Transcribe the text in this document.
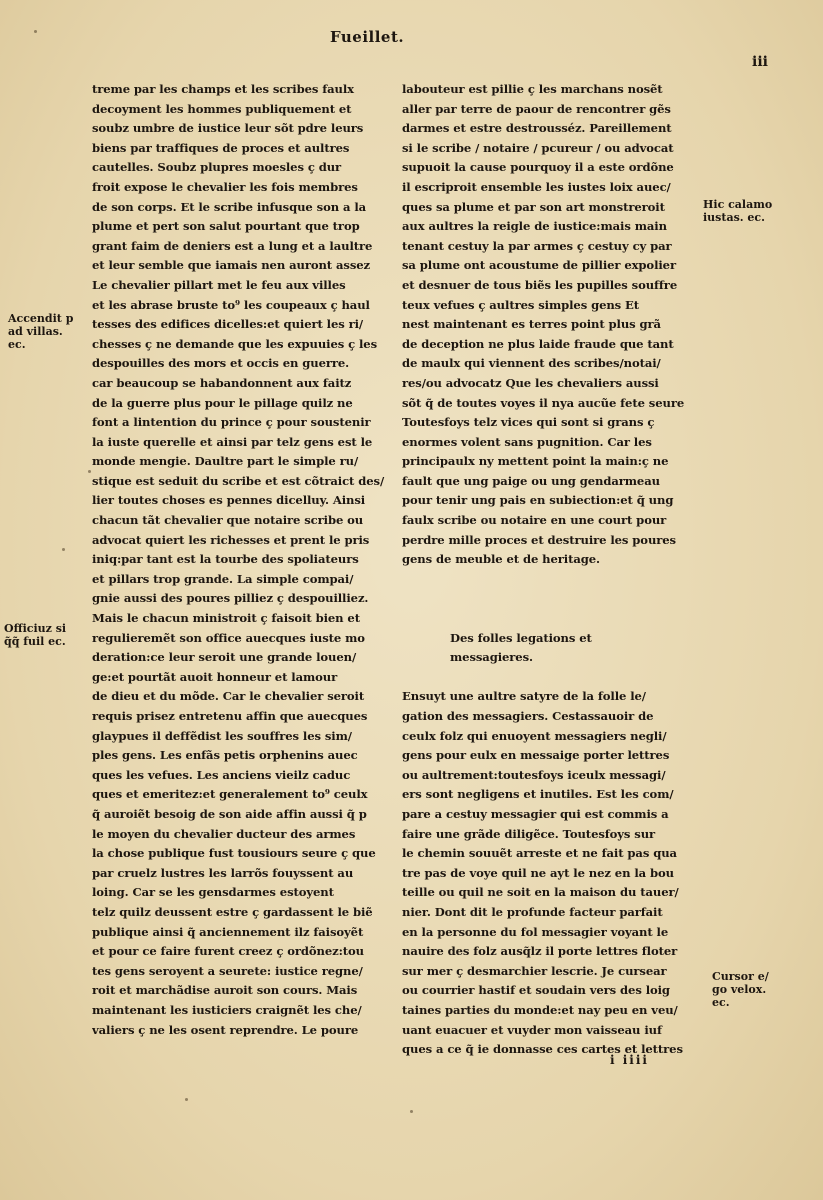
Fueillet.
iii
treme par les champs et les scribes faulx
decoyment les hommes publiquement et
soubz umbre de iustice leur sõt pdre leurs
biens par traffiques de proces et aultres
cautelles. Soubz plupres moesles ç dur
froit expose le chevalier les fois membres
de son corps. Et le scribe infusque son a la
plume et pert son salut pourtant que trop
grant faim de deniers est a lung et a laultre
et leur semble que iamais nen auront assez
Le chevalier pillart met le feu aux villes
et les abrase bruste to⁹ les coupeaux ç haul
tesses des edifices dicelles:et quiert les ri/
chesses ç ne demande que les expuuies ç les
despouilles des mors et occis en guerre.
car beaucoup se habandonnent aux faitz
de la guerre plus pour le pillage quilz ne
font a lintention du prince ç pour soustenir
la iuste querelle et ainsi par telz gens est le
monde mengie. Daultre part le simple ru/
stique est seduit du scribe et est cõtraict des/
lier toutes choses es pennes dicelluy. Ainsi
chacun tãt chevalier que notaire scribe ou
advocat quiert les richesses et prent le pris
iniq:par tant est la tourbe des spoliateurs
et pillars trop grande. La simple compai/
gnie aussi des poures pilliez ç despouilliez.
Mais le chacun ministroit ç faisoit bien et
regulieremẽt son office auecques iuste mo
deration:ce leur seroit une grande louen/
ge:et pourtãt auoit honneur et lamour
de dieu et du mõde. Car le chevalier seroit
requis prisez entretenu affin que auecques
glaypues il deffẽdist les souffres les sim/
ples gens. Les enfãs petis orphenins auec
ques les vefues. Les anciens vieilz caduc
ques et emeritez:et generalement to⁹ ceulx
q̃ auroiẽt besoig de son aide affin aussi q̃ p
le moyen du chevalier ducteur des armes
la chose publique fust tousiours seure ç que
par cruelz lustres les larrõs fouyssent au
loing. Car se les gensdarmes estoyent
telz quilz deussent estre ç gardassent le biẽ
publique ainsi q̃ anciennement ilz faisoyẽt
et pour ce faire furent creez ç ordõnez:tou
tes gens seroyent a seurete: iustice regne/
roit et marchãdise auroit son cours. Mais
maintenant les iusticiers craignẽt les che/
valiers ç ne les osent reprendre. Le poure
labouteur est pillie ç les marchans nosẽt
aller par terre de paour de rencontrer gẽs
darmes et estre destrousséz. Pareillement
si le scribe / notaire / pcureur / ou advocat
supuoit la cause pourquoy il a este ordõne
il escriproit ensemble les iustes loix auec/
ques sa plume et par son art monstreroit
aux aultres la reigle de iustice:mais main
tenant cestuy la par armes ç cestuy cy par
sa plume ont acoustume de pillier expolier
et desnuer de tous biẽs les pupilles souffre
teux vefues ç aultres simples gens Et
nest maintenant es terres point plus grã
de deception ne plus laide fraude que tant
de maulx qui viennent des scribes/notai/
res/ou advocatz Que les chevaliers aussi
sõt q̃ de toutes voyes il nya aucũe fete seure
Toutesfoys telz vices qui sont si grans ç
enormes volent sans pugnition. Car les
principaulx ny mettent point la main:ç ne
fault que ung paige ou ung gendarmeau
pour tenir ung pais en subiection:et q̃ ung
faulx scribe ou notaire en une court pour
perdre mille proces et destruire les poures
gens de meuble et de heritage.
Des folles legations et
messagieres.
Ensuyt une aultre satyre de la folle le/
gation des messagiers. Cestassauoir de
ceulx folz qui enuoyent messagiers negli/
gens pour eulx en messaige porter lettres
ou aultrement:toutesfoys iceulx messagi/
ers sont negligens et inutiles. Est les com/
pare a cestuy messagier qui est commis a
faire une grãde diligẽce. Toutesfoys sur
le chemin souuẽt arreste et ne fait pas qua
tre pas de voye quil ne ayt le nez en la bou
teille ou quil ne soit en la maison du tauer/
nier. Dont dit le profunde facteur parfait
en la personne du fol messagier voyant le
nauire des folz ausq̃lz il porte lettres floter
sur mer ç desmarchier lescrie. Je cursear
ou courrier hastif et soudain vers des loig
taines parties du monde:et nay peu en veu/
uant euacuer et vuyder mon vaisseau iuf
ques a ce q̃ ie donnasse ces cartes et lettres
Accendit p
ad villas.
ec.
Officiuz si
q̃q̃ fuil ec.
Hic calamo
iustas. ec.
Cursor e/
go velox.
ec.
i iiii
